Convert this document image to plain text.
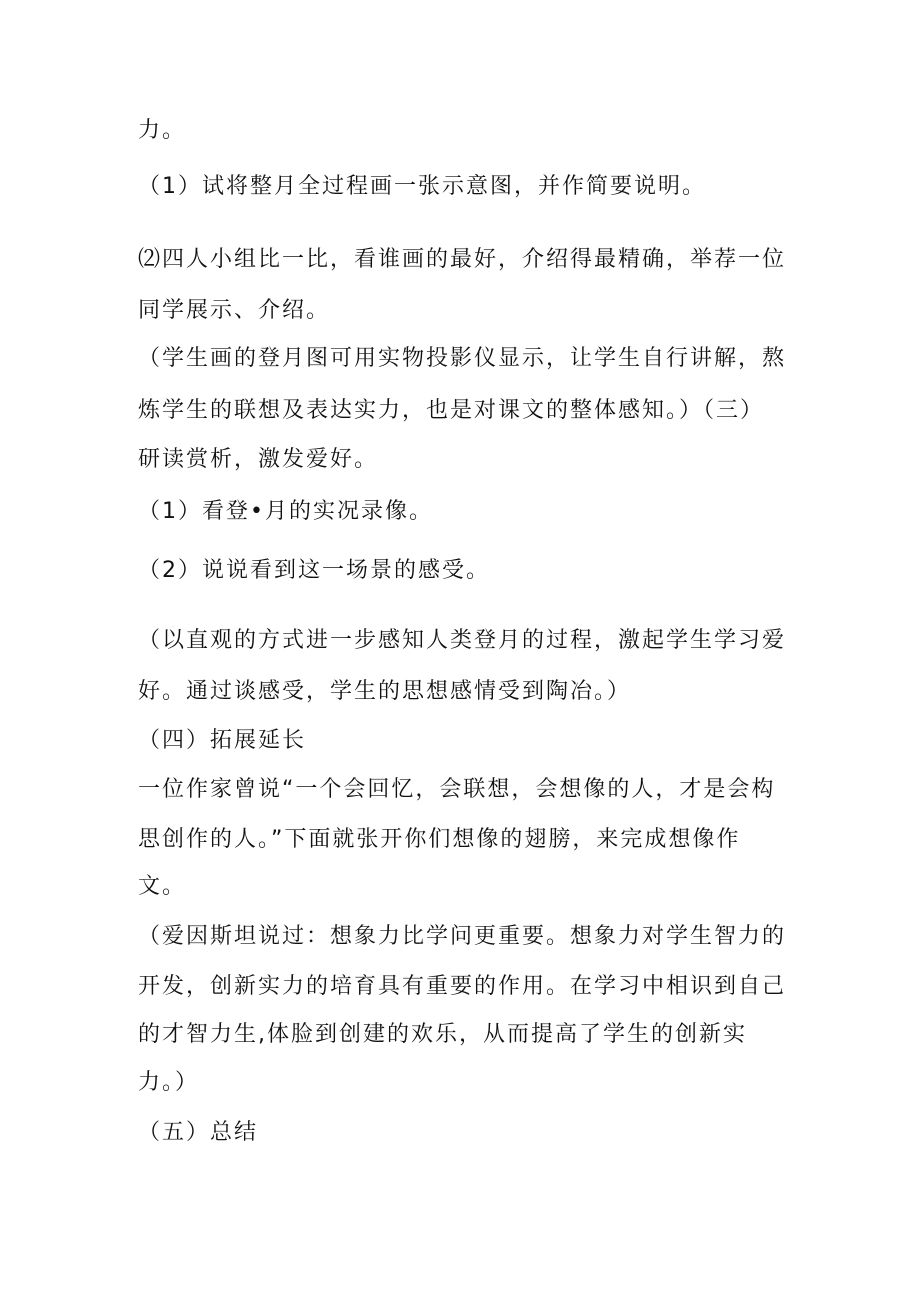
力。
（1）试将整月全过程画一张示意图，并作简要说明。
⑵四人小组比一比，看谁画的最好，介绍得最精确，举荐一位
同学展示、介绍。
（学生画的登月图可用实物投影仪显示，让学生自行讲解，熬
炼学生的联想及表达实力，也是对课文的整体感知。）（三）
研读赏析，激发爱好。
（1）看登•月的实况录像。
（2）说说看到这一场景的感受。
（以直观的方式进一步感知人类登月的过程，激起学生学习爱
好。通过谈感受，学生的思想感情受到陶冶。）
（四）拓展延长
一位作家曾说“一个会回忆，会联想，会想像的人，才是会构
思创作的人。”下面就张开你们想像的翅膀，来完成想像作
文。
（爱因斯坦说过：想象力比学问更重要。想象力对学生智力的
开发，创新实力的培育具有重要的作用。在学习中相识到自己
的才智力生,体脸到创建的欢乐，从而提高了学生的创新实
力。）
（五）总结
